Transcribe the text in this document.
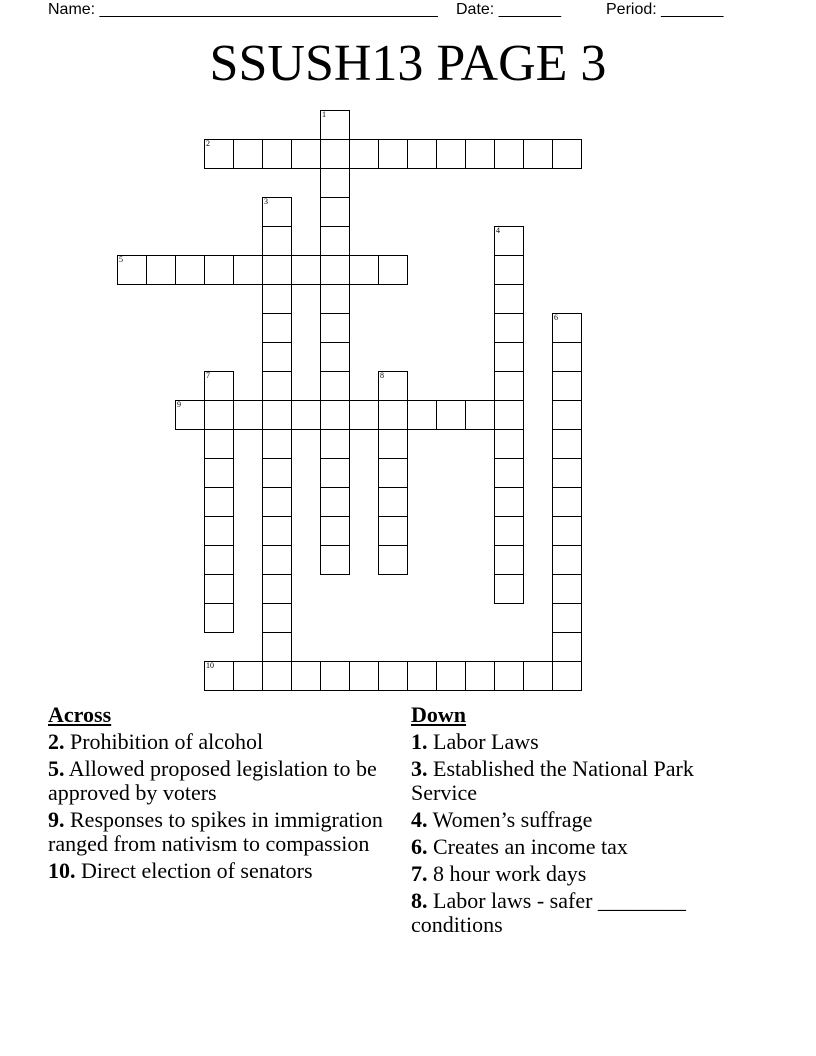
Name: ______________________________________ Date: _______	Period: _______
SSUSH13 PAGE 3
1
2
3
4
5
6
7	8
9
10
Across
2. Prohibition of alcohol
5. Allowed proposed legislation to be approved by voters
9. Responses to spikes in immigration ranged from nativism to compassion
10. Direct election of senators
Down
1. Labor Laws
3. Established the National Park Service
4. Women’s suffrage
6. Creates an income tax
7. 8 hour work days
8. Labor laws - safer ________ conditions
